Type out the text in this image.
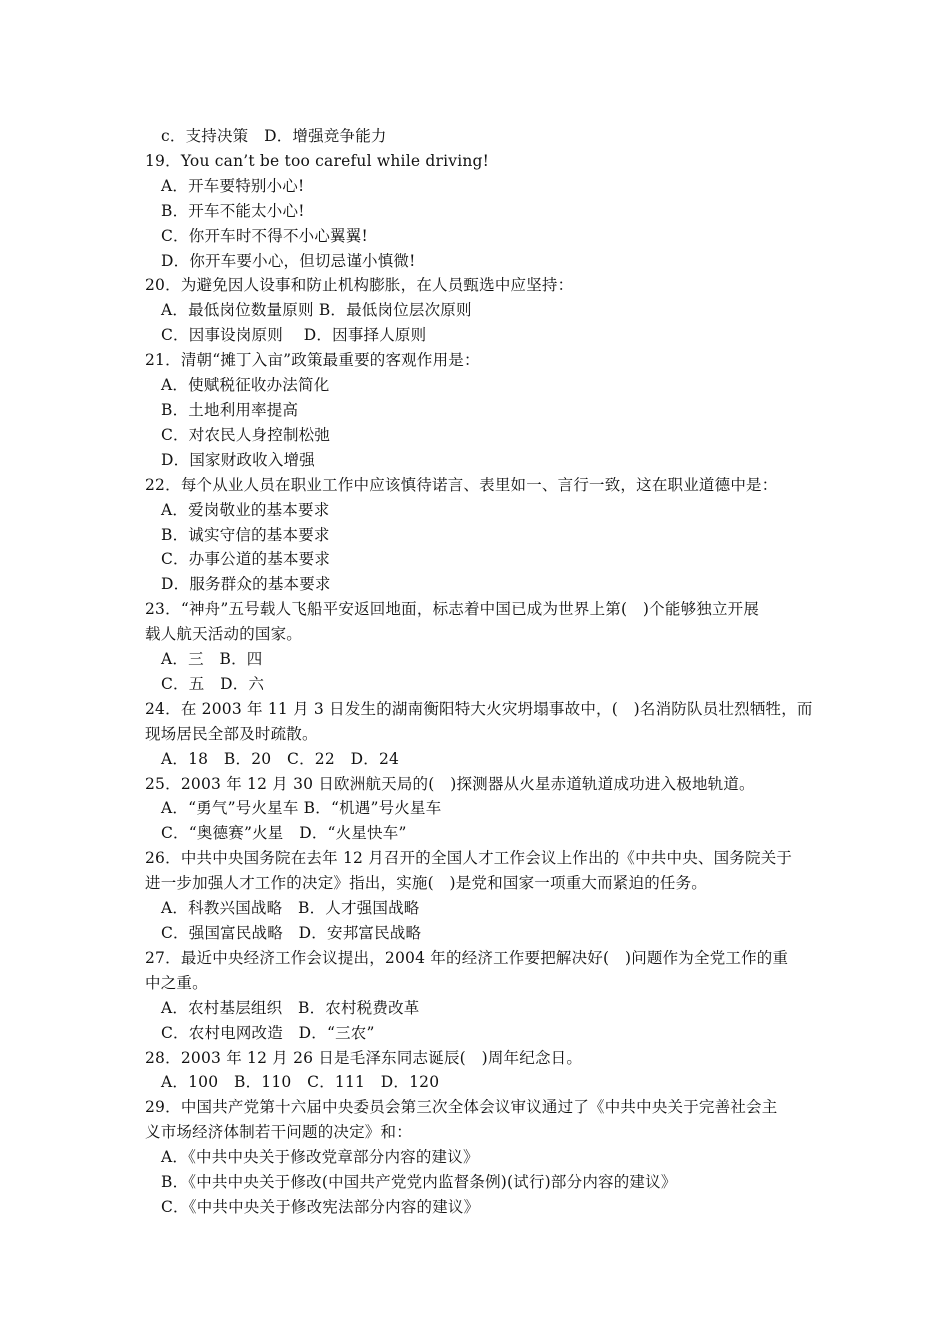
c．支持决策　D．增强竞争能力
19．You can’t be too careful while driving!
A．开车要特别小心!
B．开车不能太小心!
C．你开车时不得不小心翼翼!
D．你开车要小心，但切忌谨小慎微!
20．为避免因人设事和防止机构膨胀，在人员甄选中应坚持：
A．最低岗位数量原则 B．最低岗位层次原则
C．因事设岗原则　 D．因事择人原则
21．清朝“摊丁入亩”政策最重要的客观作用是：
A．使赋税征收办法简化
B．土地利用率提高
C．对农民人身控制松弛
D．国家财政收入增强
22．每个从业人员在职业工作中应该慎待诺言、表里如一、言行一致，这在职业道德中是：
A．爱岗敬业的基本要求
B．诚实守信的基本要求
C．办事公道的基本要求
D．服务群众的基本要求
23．“神舟”五号载人飞船平安返回地面，标志着中国已成为世界上第(　)个能够独立开展
载人航天活动的国家。
A．三　B．四
C．五　D．六
24．在 2003 年 11 月 3 日发生的湖南衡阳特大火灾坍塌事故中，(　)名消防队员壮烈牺牲，而
现场居民全部及时疏散。
A．18　B．20　C．22　D．24
25．2003 年 12 月 30 日欧洲航天局的(　)探测器从火星赤道轨道成功进入极地轨道。
A．“勇气”号火星车 B．“机遇”号火星车
C．“奥德赛”火星　D．“火星快车”
26．中共中央国务院在去年 12 月召开的全国人才工作会议上作出的《中共中央、国务院关于
进一步加强人才工作的决定》指出，实施(　)是党和国家一项重大而紧迫的任务。
A．科教兴国战略　B．人才强国战略
C．强国富民战略　D．安邦富民战略
27．最近中央经济工作会议提出，2004 年的经济工作要把解决好(　)问题作为全党工作的重
中之重。
A．农村基层组织　B．农村税费改革
C．农村电网改造　D．“三农”
28．2003 年 12 月 26 日是毛泽东同志诞辰(　)周年纪念日。
A．100　B．110　C．111　D．120
29．中国共产党第十六届中央委员会第三次全体会议审议通过了《中共中央关于完善社会主
义市场经济体制若干问题的决定》和：
A．《中共中央关于修改党章部分内容的建议》
B．《中共中央关于修改(中国共产党党内监督条例)(试行)部分内容的建议》
C．《中共中央关于修改宪法部分内容的建议》
